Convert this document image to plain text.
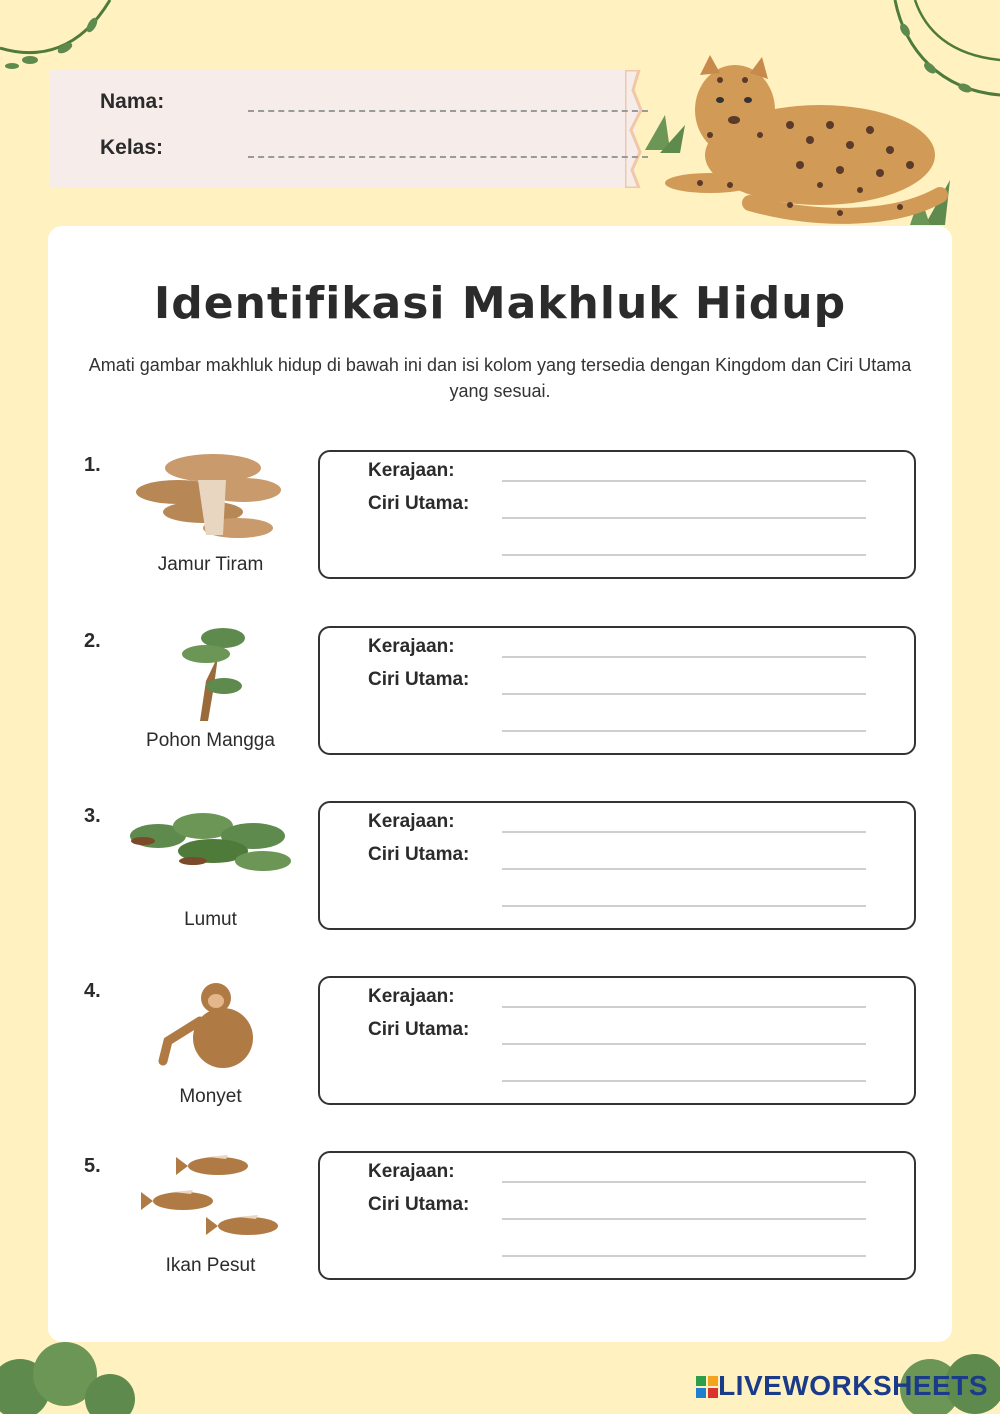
Nama:
Kelas:
Identifikasi Makhluk Hidup
Amati gambar makhluk hidup di bawah ini dan isi kolom yang tersedia dengan Kingdom dan Ciri Utama yang sesuai.
1.
Jamur Tiram
Kerajaan:
Ciri Utama:
2.
Pohon Mangga
Kerajaan:
Ciri Utama:
3.
Lumut
Kerajaan:
Ciri Utama:
4.
Monyet
Kerajaan:
Ciri Utama:
5.
Ikan Pesut
Kerajaan:
Ciri Utama:
LIVEWORKSHEETS
